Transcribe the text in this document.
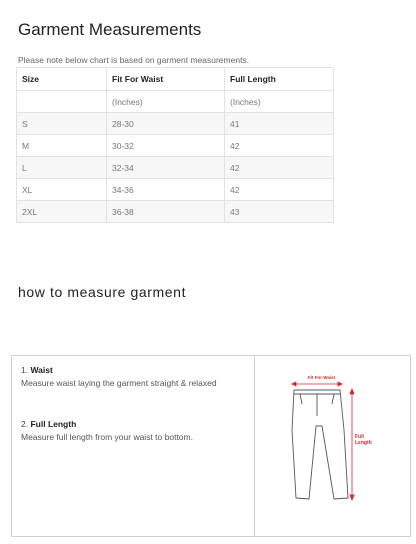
Garment Measurements
Please note below chart is based on garment measurements.
Size	Fit For Waist	Full Length
	(Inches)	(Inches)
S	28-30	41
M	30-32	42
L	32-34	42
XL	34-36	42
2XL	36-38	43
how to measure garment
1. Waist
Measure waist laying the garment straight & relaxed
2. Full Length
Measure full length from your waist to bottom.
Fit For Waist
Full
Length
